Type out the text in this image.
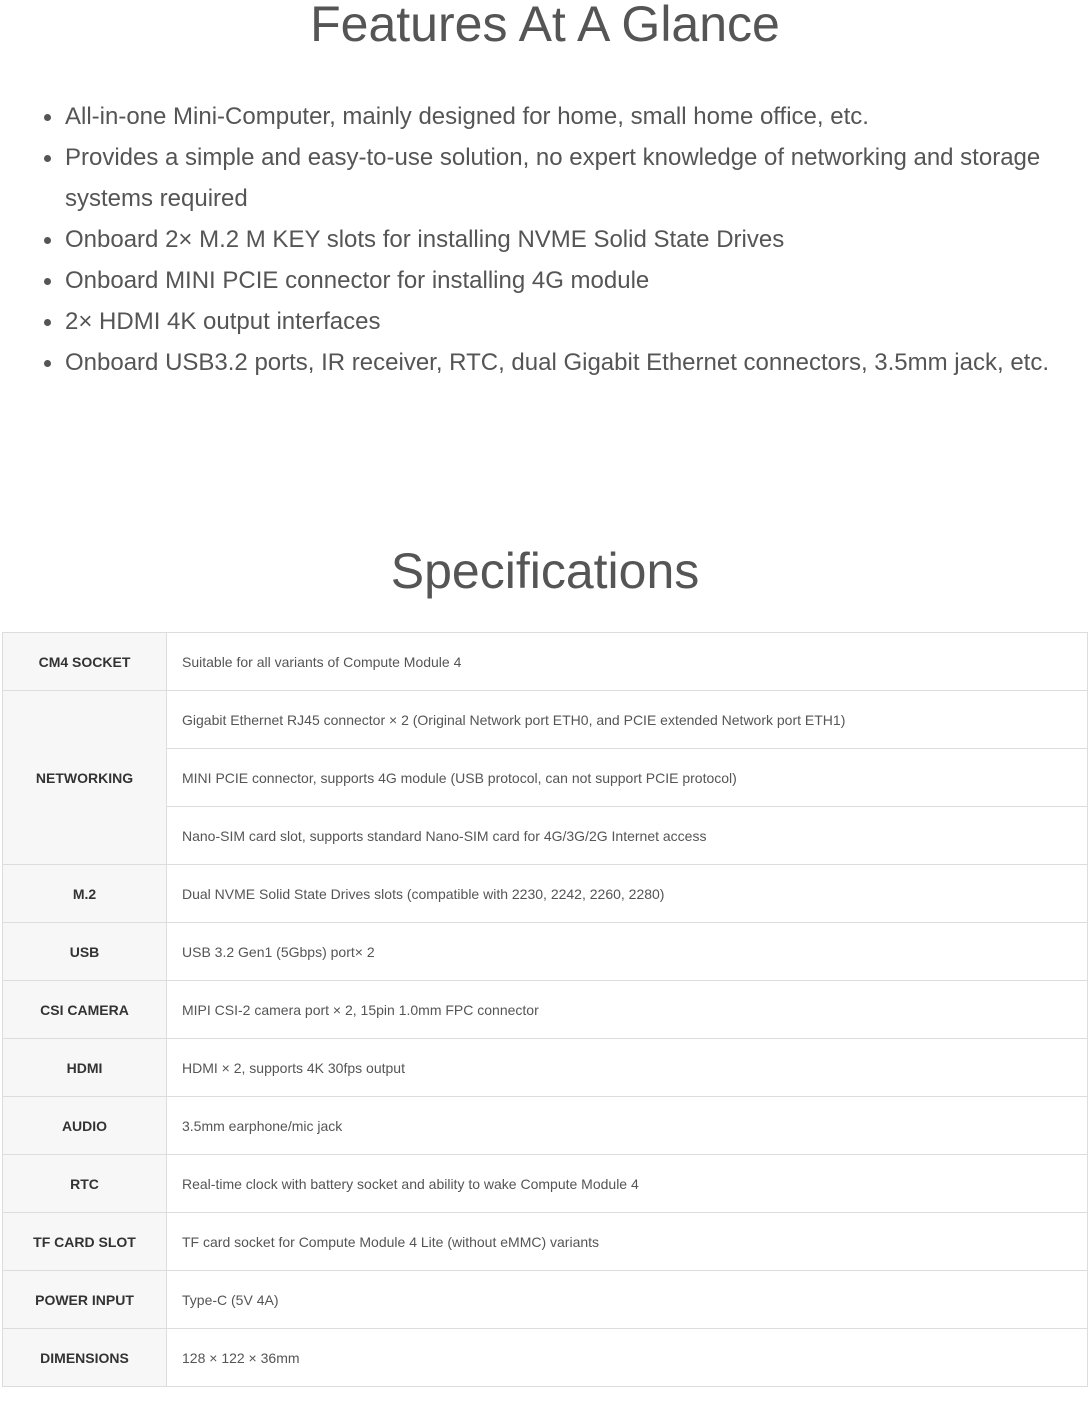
Features At A Glance
All-in-one Mini-Computer, mainly designed for home, small home office, etc.
Provides a simple and easy-to-use solution, no expert knowledge of networking and storage systems required
Onboard 2× M.2 M KEY slots for installing NVME Solid State Drives
Onboard MINI PCIE connector for installing 4G module
2× HDMI 4K output interfaces
Onboard USB3.2 ports, IR receiver, RTC, dual Gigabit Ethernet connectors, 3.5mm jack, etc.
Specifications
CM4 SOCKET	Suitable for all variants of Compute Module 4
NETWORKING	Gigabit Ethernet RJ45 connector × 2 (Original Network port ETH0, and PCIE extended Network port ETH1)
	MINI PCIE connector, supports 4G module (USB protocol, can not support PCIE protocol)
	Nano-SIM card slot, supports standard Nano-SIM card for 4G/3G/2G Internet access
M.2	Dual NVME Solid State Drives slots (compatible with 2230, 2242, 2260, 2280)
USB	USB 3.2 Gen1 (5Gbps) port× 2
CSI CAMERA	MIPI CSI-2 camera port × 2, 15pin 1.0mm FPC connector
HDMI	HDMI × 2, supports 4K 30fps output
AUDIO	3.5mm earphone/mic jack
RTC	Real-time clock with battery socket and ability to wake Compute Module 4
TF CARD SLOT	TF card socket for Compute Module 4 Lite (without eMMC) variants
POWER INPUT	Type-C (5V 4A)
DIMENSIONS	128 × 122 × 36mm
